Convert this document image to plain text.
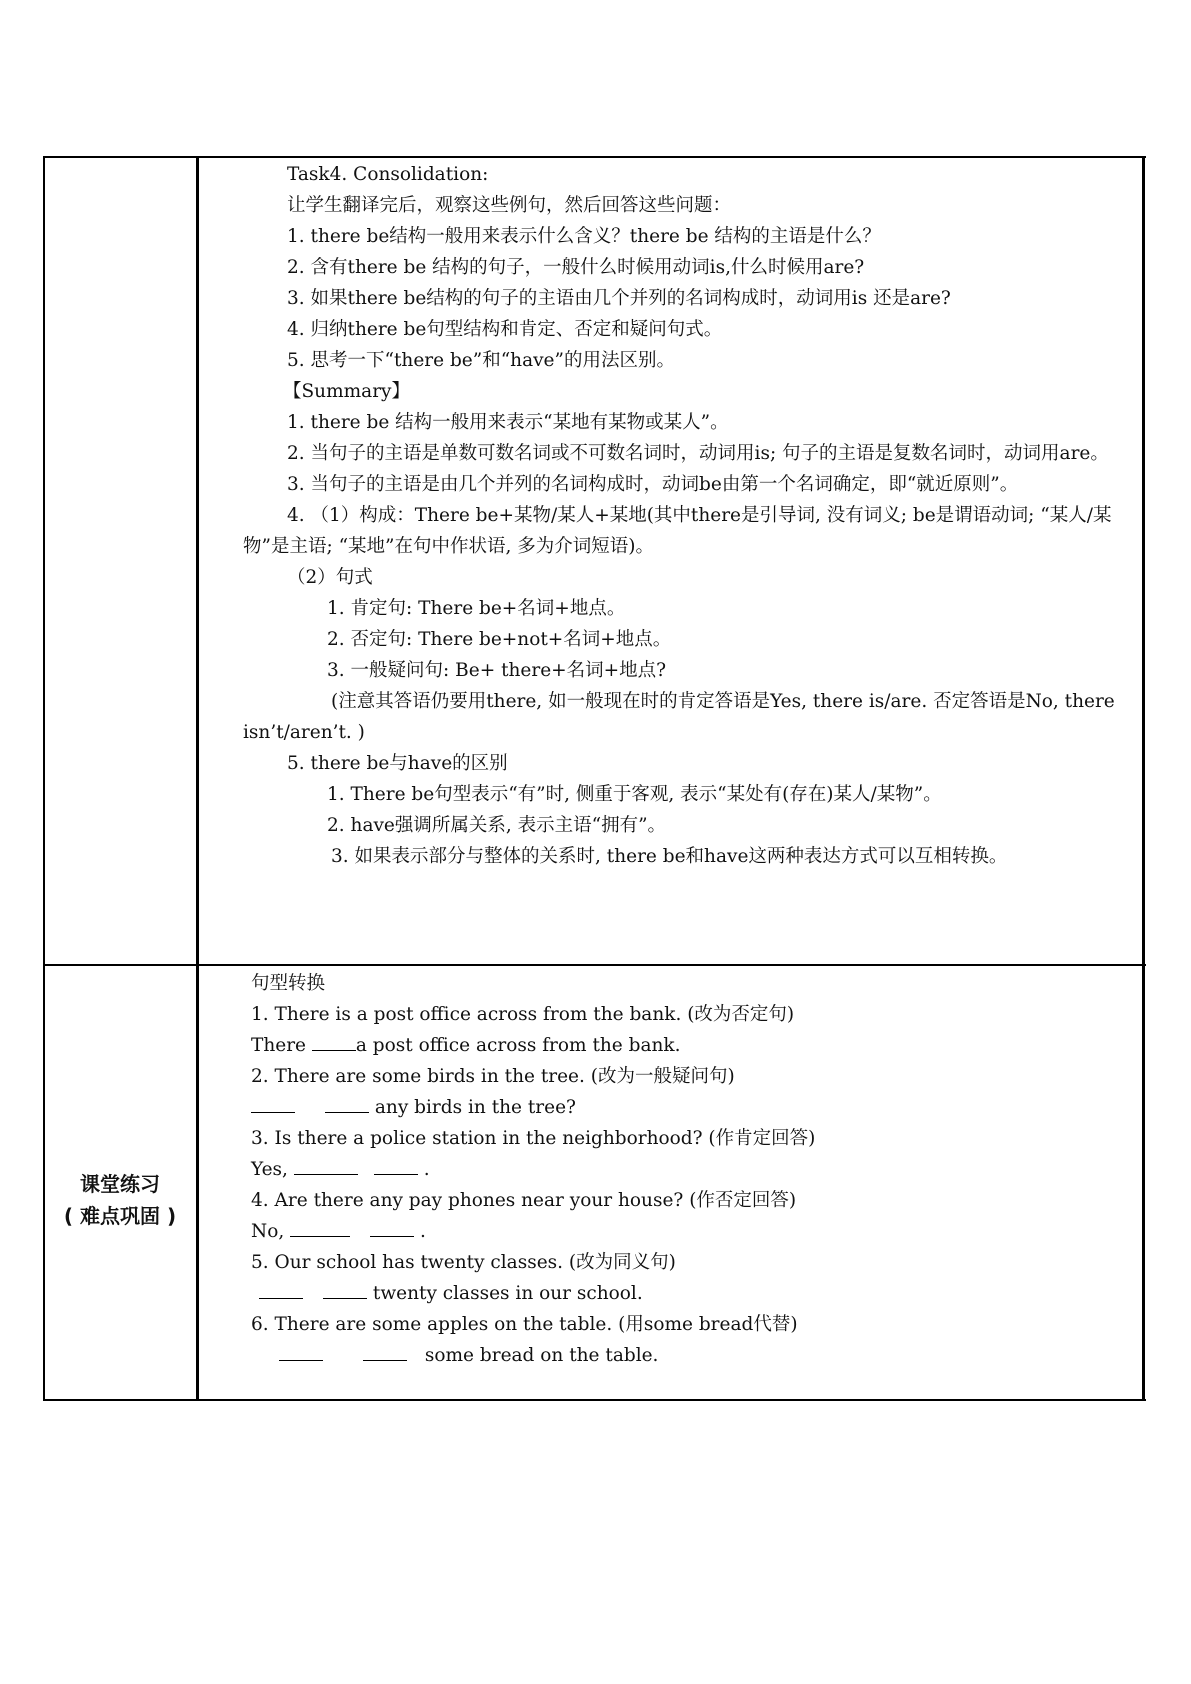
Task4. Consolidation:

让学生翻译完后，观察这些例句，然后回答这些问题：

1. there be结构一般用来表示什么含义？there be 结构的主语是什么？

2. 含有there be 结构的句子，一般什么时候用动词is,什么时候用are?

3. 如果there be结构的句子的主语由几个并列的名词构成时，动词用is 还是are?

4. 归纳there be句型结构和肯定、否定和疑问句式。

5. 思考一下“there be”和“have”的用法区别。

【Summary】

1. there be 结构一般用来表示“某地有某物或某人”。

2. 当句子的主语是单数可数名词或不可数名词时，动词用is; 句子的主语是复数名词时，动词用are。

3. 当句子的主语是由几个并列的名词构成时，动词be由第一个名词确定，即“就近原则”。

4. （1）构成：There be+某物/某人+某地(其中there是引导词, 没有词义; be是谓语动词; “某人/某物”是主语; “某地”在句中作状语, 多为介词短语)。

（2）句式

1. 肯定句: There be+名词+地点。

2. 否定句: There be+not+名词+地点。

3. 一般疑问句: Be+ there+名词+地点?

(注意其答语仍要用there, 如一般现在时的肯定答语是Yes, there is/are. 否定答语是No, there isn’t/aren’t. )

5. there be与have的区别

1. There be句型表示“有”时, 侧重于客观, 表示“某处有(存在)某人/某物”。

2. have强调所属关系, 表示主语“拥有”。

3. 如果表示部分与整体的关系时, there be和have这两种表达方式可以互相转换。

课堂练习
( 难点巩固 )

句型转换

1. There is a post office across from the bank. (改为否定句)

There a post office across from the bank.

2. There are some birds in the tree. (改为一般疑问句)

any birds in the tree?

3. Is there a police station in the neighborhood? (作肯定回答)

Yes,	.

4. Are there any pay phones near your house? (作否定回答)

No,	.

5. Our school has twenty classes. (改为同义句)

twenty classes in our school.

6. There are some apples on the table. (用some bread代替)

some bread on the table.
